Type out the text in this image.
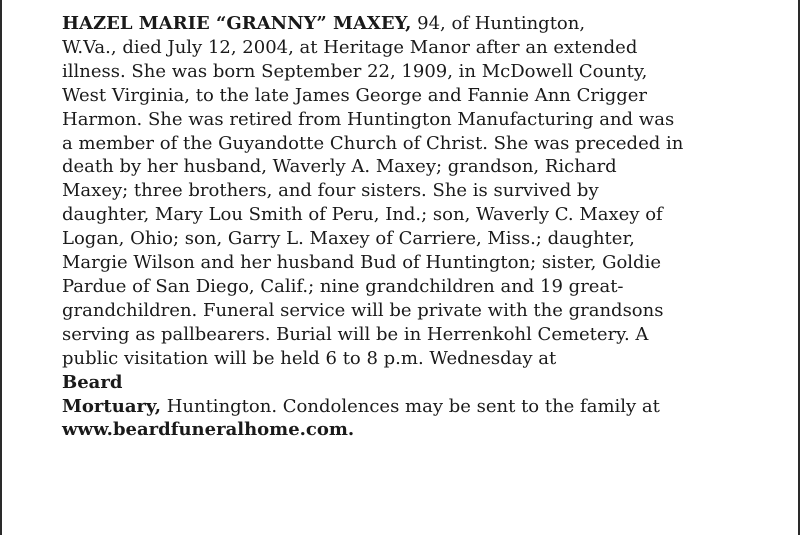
HAZEL MARIE “GRANNY” MAXEY, 94, of Huntington,
W.Va., died July 12, 2004, at Heritage Manor after an extended
illness. She was born September 22, 1909, in McDowell County,
West Virginia, to the late James George and Fannie Ann Crigger
Harmon. She was retired from Huntington Manufacturing and was
a member of the Guyandotte Church of Christ. She was preceded in
death by her husband, Waverly A. Maxey; grandson, Richard
Maxey; three brothers, and four sisters. She is survived by
daughter, Mary Lou Smith of Peru, Ind.; son, Waverly C. Maxey of
Logan, Ohio; son, Garry L. Maxey of Carriere, Miss.; daughter,
Margie Wilson and her husband Bud of Huntington; sister, Goldie
Pardue of San Diego, Calif.; nine grandchildren and 19 great-
grandchildren. Funeral service will be private with the grandsons
serving as pallbearers. Burial will be in Herrenkohl Cemetery. A
public visitation will be held 6 to 8 p.m. Wednesday at
Beard
Mortuary, Huntington. Condolences may be sent to the family at
www.beardfuneralhome.com.
